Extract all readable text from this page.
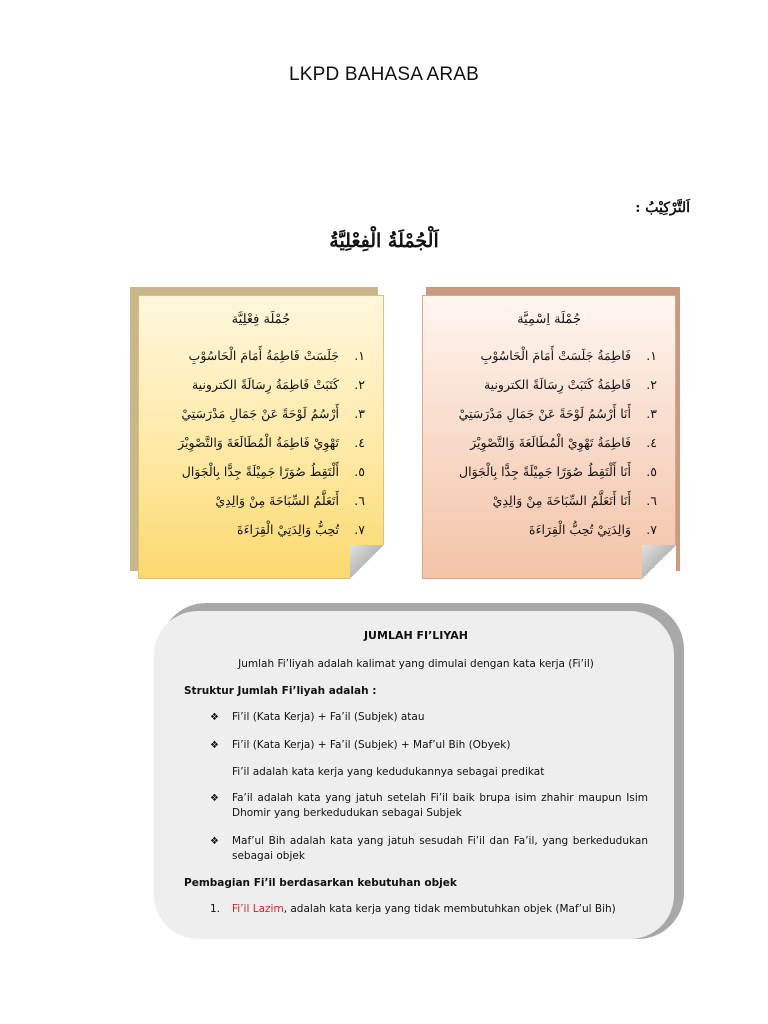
LKPD BAHASA ARAB
اَلتَّرْكِيْبُ :
اَلْجُمْلَةُ الْفِعْلِيَّةُ
جُمْلَة فِعْلِيَّة
١.
جَلَسَتْ فَاطِمَةُ أَمَامَ الْحَاسُوْبِ
٢.
كَتَبَتْ فَاطِمَةُ رِسَالَةً الكترونية
٣.
أَرْسُمُ لَوْحَةً عَنْ جَمَالِ مَدْرَسَتِيْ
٤.
تَهْوِيْ فَاطِمَةُ الْمُطَالَعَةَ وَالتَّصْوِيْرَ
٥.
أَلْتَقِطُ صُوَرًا جَمِيْلَةً جِدًّا بِالْجَوَال
٦.
أَتَعَلَّمُ السِّبَاحَةَ مِنْ وَالِدِيْ
٧.
تُحِبُّ وَالِدَتِيْ الْقِرَاءَةَ
جُمْلَة اِسْمِيَّة
١.
فَاطِمَةُ جَلَسَتْ أَمَامَ الْحَاسُوْبِ
٢.
فَاطِمَةُ كَتَبَتْ رِسَالَةً الكترونية
٣.
أَنَا أَرْسُمُ لَوْحَةً عَنْ جَمَالِ مَدْرَسَتِيْ
٤.
فَاطِمَةُ تَهْوِيْ الْمُطَالَعَةَ وَالتَّصْوِيْرَ
٥.
أَنَا أَلْتَقِطُ صُوَرًا جَمِيْلَةً جِدًّا بِالْجَوَال
٦.
أَنَا أَتَعَلَّمُ السِّبَاحَةَ مِنْ وَالِدِيْ
٧.
وَالِدَتِيْ تُحِبُّ الْقِرَاءَةَ
JUMLAH FI’LIYAH
Jumlah Fi’liyah adalah kalimat yang dimulai dengan kata kerja (Fi’il)
Struktur Jumlah Fi’liyah adalah :
❖ Fi’il (Kata Kerja) + Fa’il (Subjek) atau
❖ Fi’il (Kata Kerja) + Fa’il (Subjek) + Maf’ul Bih (Obyek)
Fi’il adalah kata kerja yang kedudukannya sebagai predikat
❖ Fa’il adalah kata yang jatuh setelah Fi’il baik brupa isim zhahir maupun Isim Dhomir yang berkedudukan sebagai Subjek
❖ Maf’ul Bih adalah kata yang jatuh sesudah Fi’il dan Fa’il, yang berkedudukan sebagai objek
Pembagian Fi’il berdasarkan kebutuhan objek
1. Fi’il Lazim, adalah kata kerja yang tidak membutuhkan objek (Maf’ul Bih)
